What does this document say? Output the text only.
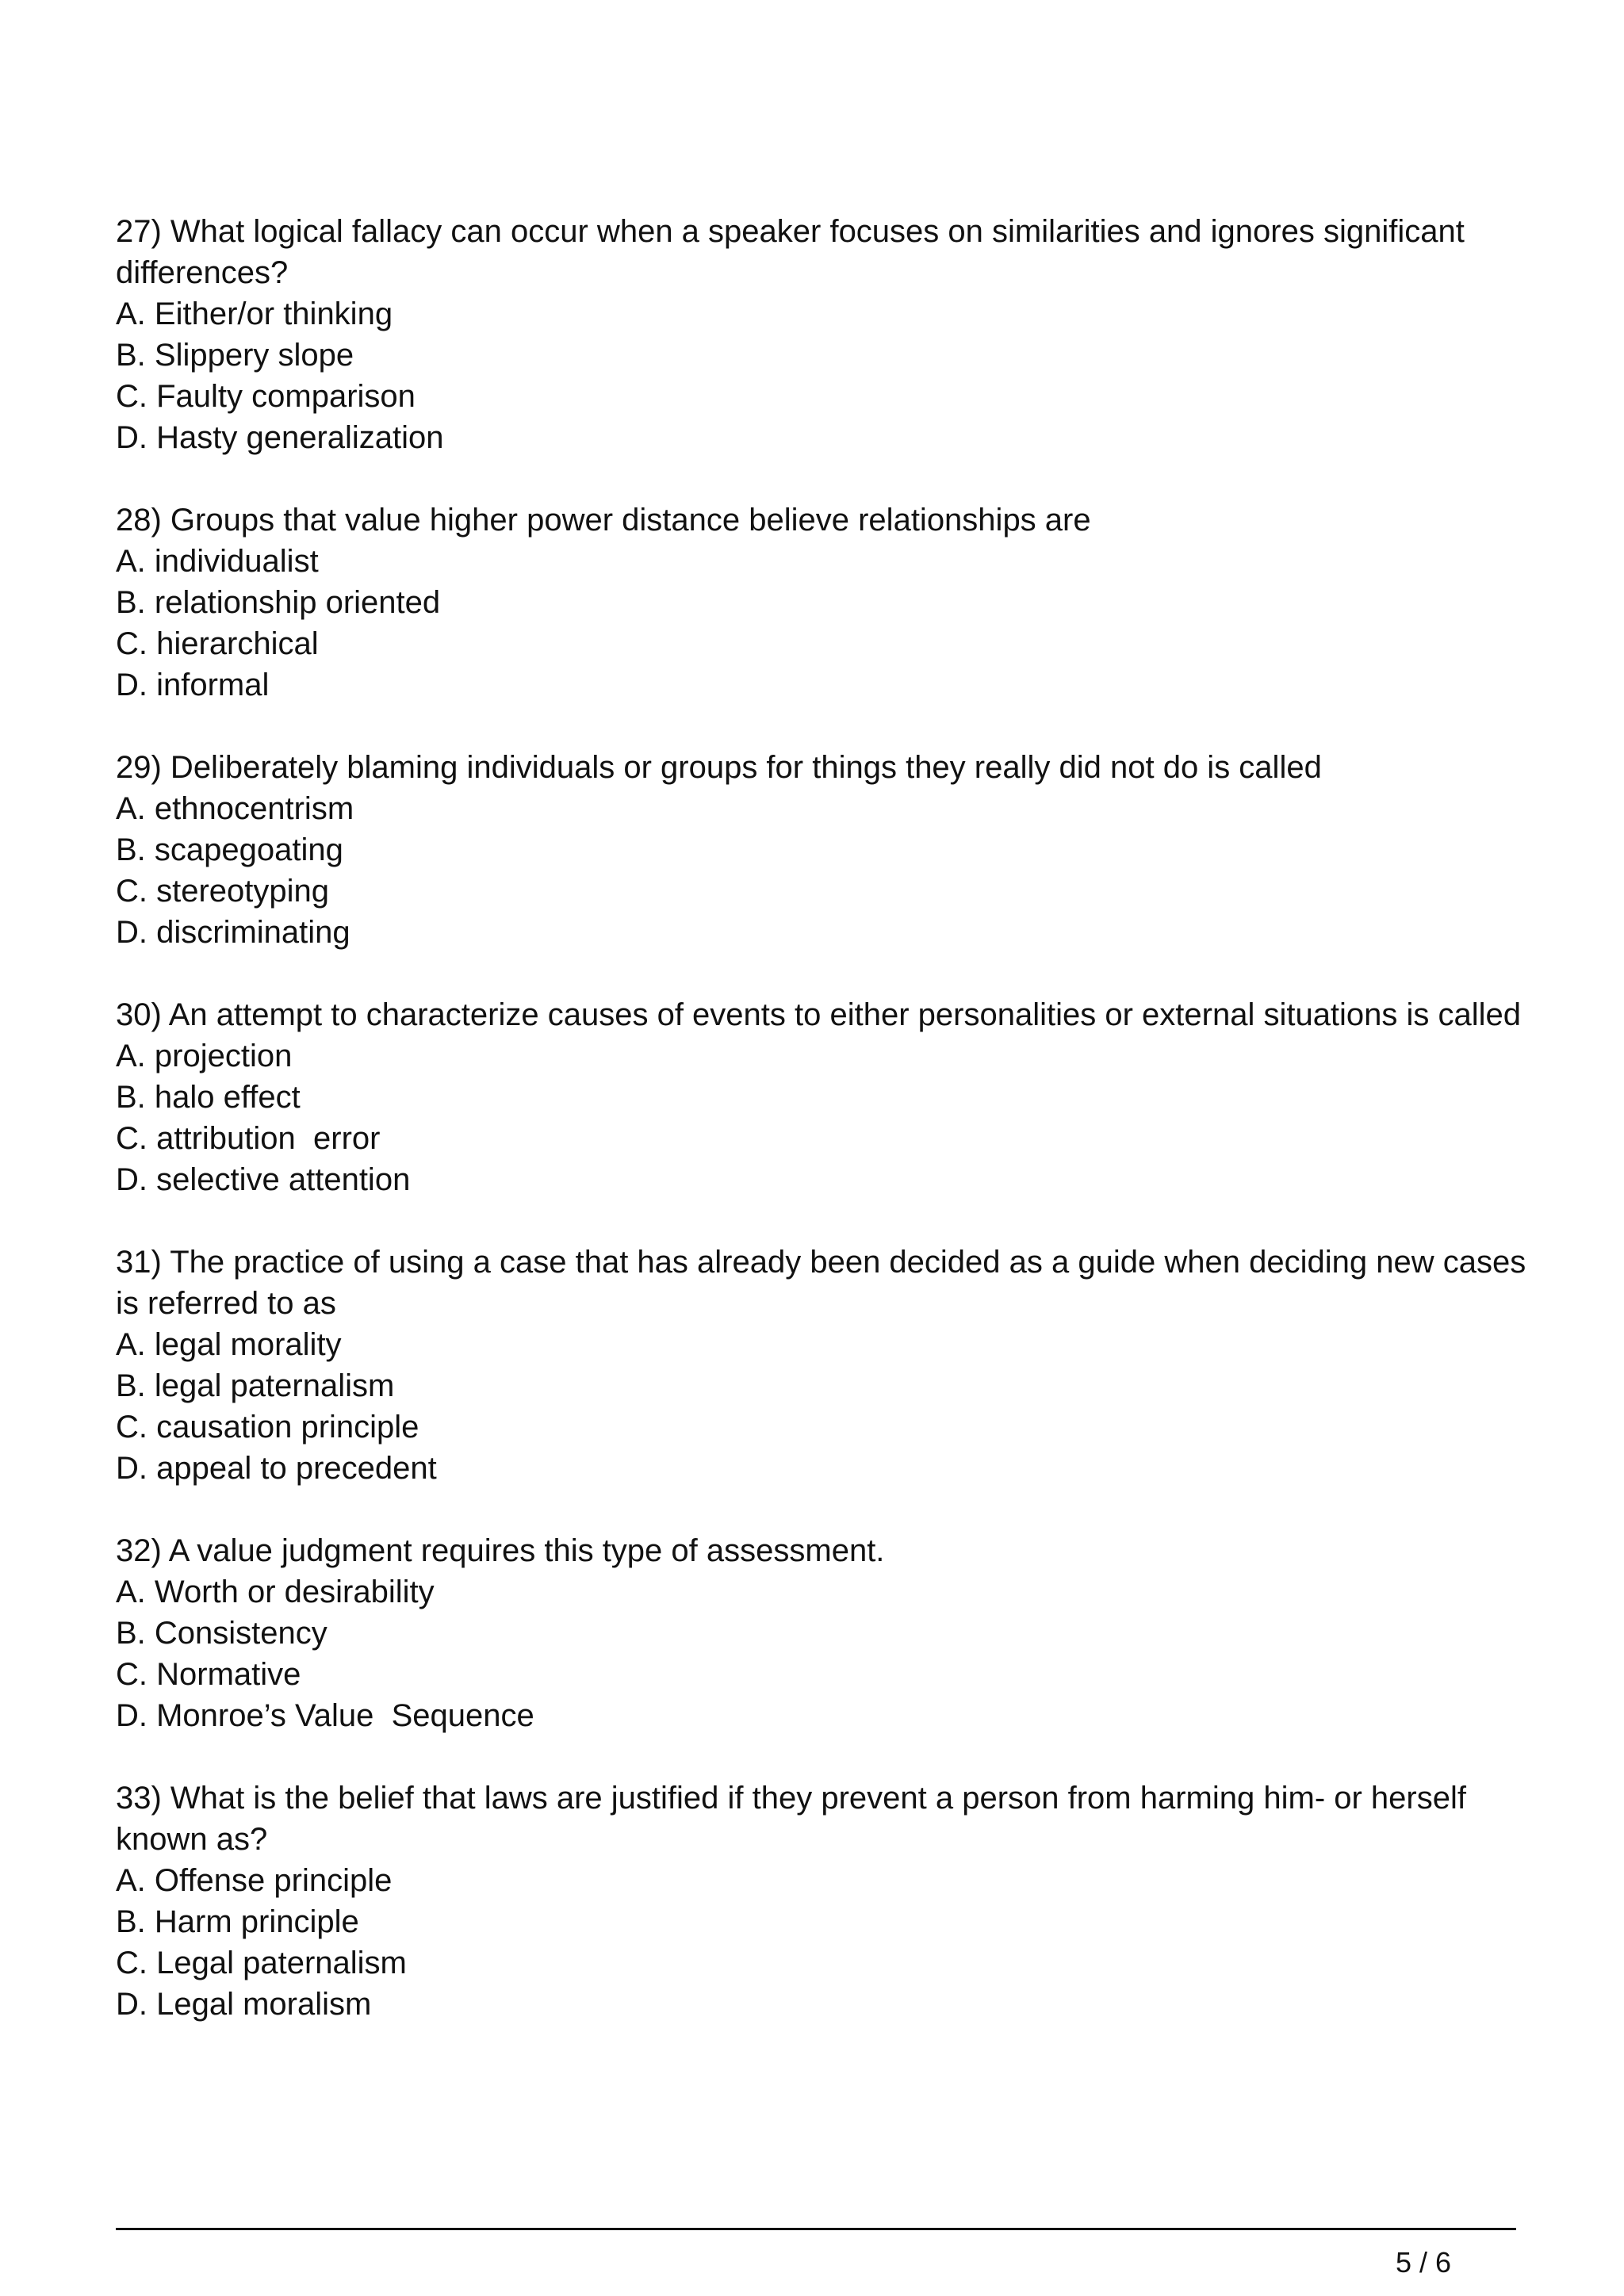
27) What logical fallacy can occur when a speaker focuses on similarities and ignores significant differences?

A. Either/or thinking

B. Slippery slope

C. Faulty comparison

D. Hasty generalization

28) Groups that value higher power distance believe relationships are

A. individualist

B. relationship oriented

C. hierarchical

D. informal

29) Deliberately blaming individuals or groups for things they really did not do is called

A. ethnocentrism

B. scapegoating

C. stereotyping

D. discriminating

30) An attempt to characterize causes of events to either personalities or external situations is called

A. projection

B. halo effect

C. attribution  error

D. selective attention

31) The practice of using a case that has already been decided as a guide when deciding new cases is referred to as

A. legal morality

B. legal paternalism

C. causation principle

D. appeal to precedent

32) A value judgment requires this type of assessment.

A. Worth or desirability

B. Consistency

C. Normative

D. Monroe’s Value  Sequence

33) What is the belief that laws are justified if they prevent a person from harming him- or herself known as?

A. Offense principle

B. Harm principle

C. Legal paternalism

D. Legal moralism

5 / 6
